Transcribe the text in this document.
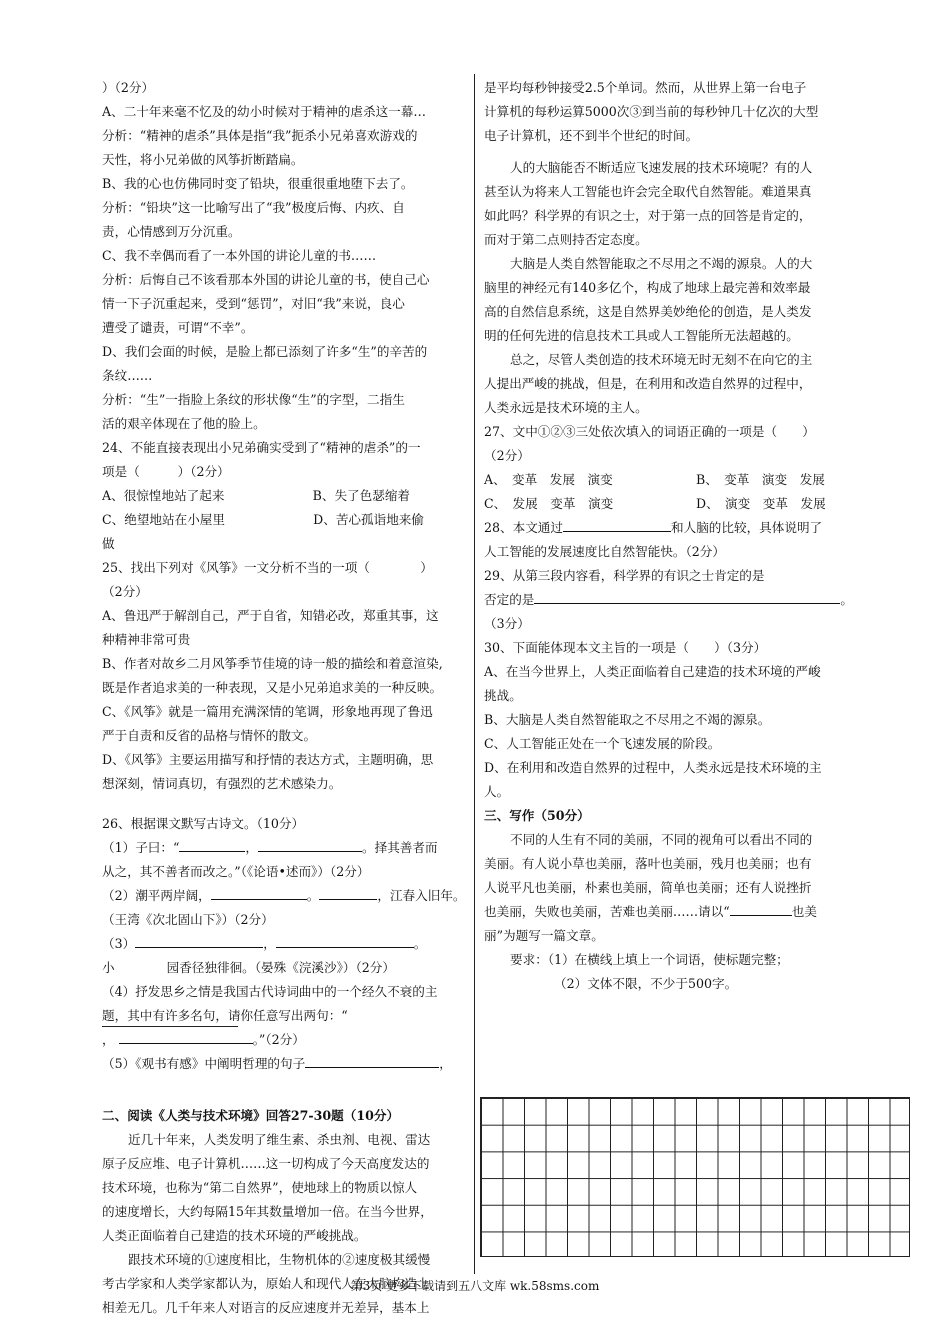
）（2分）
A、二十年来毫不忆及的幼小时候对于精神的虐杀这一幕…
分析：“精神的虐杀”具体是指“我”扼杀小兄弟喜欢游戏的
天性，将小兄弟做的风筝折断踏扁。
B、我的心也仿佛同时变了铅块，很重很重地堕下去了。
分析：“铅块”这一比喻写出了“我”极度后悔、内疚、自
责，心情感到万分沉重。
C、我不幸偶而看了一本外国的讲论儿童的书……
分析：后悔自己不该看那本外国的讲论儿童的书，使自己心
情一下子沉重起来，受到“惩罚”，对旧“我”来说，良心
遭受了谴责，可谓“不幸”。
D、我们会面的时候，是脸上都已添刻了许多“生”的辛苦的
条纹……
分析：“生”一指脸上条纹的形状像“生”的字型，二指生
活的艰辛体现在了他的脸上。
24、不能直接表现出小兄弟确实受到了“精神的虐杀”的一
项是（　　　）（2分）
A、很惊惶地站了起来　　　　　　　B、失了色瑟缩着
C、绝望地站在小屋里　　　　　　　D、苦心孤诣地来偷
做
25、找出下列对《风筝》一文分析不当的一项（　　　　）
（2分）
A、鲁迅严于解剖自己，严于自省，知错必改，郑重其事，这
种精神非常可贵
B、作者对故乡二月风筝季节佳境的诗一般的描绘和着意渲染,
既是作者追求美的一种表现，又是小兄弟追求美的一种反映。
C、《风筝》就是一篇用充满深情的笔调，形象地再现了鲁迅
严于自责和反省的品格与情怀的散文。
D、《风筝》主要运用描写和抒情的表达方式，主题明确，思
想深刻，情词真切，有强烈的艺术感染力。
26、根据课文默写古诗文。（10分）
（1）子曰：“	，	。择其善者而
从之，其不善者而改之。”（《论语•述而》）（2分）
（2）潮平两岸阔，	。	，江春入旧年。
（王湾《次北固山下》）（2分）
（3）	，	。
小	园香径独徘徊。（晏殊《浣溪沙》）（2分）
（4）抒发思乡之情是我国古代诗词曲中的一个经久不衰的主
题，其中有许多名句，请你任意写出两句：“
，	。”（2分）
（5）《观书有感》中阐明哲理的句子	，
二、阅读《人类与技术环境》回答27-30题（10分）
近几十年来，人类发明了维生素、杀虫剂、电视、雷达
原子反应堆、电子计算机……这一切构成了今天高度发达的
技术环境，也称为“第二自然界”，使地球上的物质以惊人
的速度增长，大约每隔15年其数量增加一倍。在当今世界，
人类正面临着自己建造的技术环境的严峻挑战。
跟技术环境的①速度相比，生物机体的②速度极其缓慢
考古学家和人类学家都认为，原始人和现代人在大脑构造上
相差无几。几千年来人对语言的反应速度并无差异，基本上
是平均每秒钟接受2.5个单词。然而，从世界上第一台电子
计算机的每秒运算5000次③到当前的每秒钟几十亿次的大型
电子计算机，还不到半个世纪的时间。
人的大脑能否不断适应飞速发展的技术环境呢？有的人
甚至认为将来人工智能也许会完全取代自然智能。难道果真
如此吗？科学界的有识之士，对于第一点的回答是肯定的，
而对于第二点则持否定态度。
大脑是人类自然智能取之不尽用之不竭的源泉。人的大
脑里的神经元有140多亿个，构成了地球上最完善和效率最
高的自然信息系统，这是自然界美妙绝伦的创造，是人类发
明的任何先进的信息技术工具或人工智能所无法超越的。
总之，尽管人类创造的技术环境无时无刻不在向它的主
人提出严峻的挑战，但是，在利用和改造自然界的过程中，
人类永远是技术环境的主人。
27、文中①②③三处依次填入的词语正确的一项是（　　）
（2分）
A、　变革　发展　演变	B、　变革　演变　发展
C、　发展　变革　演变	D、　演变　变革　发展
28、本文通过	和人脑的比较，具体说明了
人工智能的发展速度比自然智能快。（2分）
29、从第三段内容看，科学界的有识之士肯定的是
否定的是	。
（3分）
30、下面能体现本文主旨的一项是（　　）（3分）
A、在当今世界上，人类正面临着自己建造的技术环境的严峻
挑战。
B、大脑是人类自然智能取之不尽用之不竭的源泉。
C、人工智能正处在一个飞速发展的阶段。
D、在利用和改造自然界的过程中，人类永远是技术环境的主
人。
三、写作（50分）
不同的人生有不同的美丽，不同的视角可以看出不同的
美丽。有人说小草也美丽，落叶也美丽，残月也美丽；也有
人说平凡也美丽，朴素也美丽，简单也美丽；还有人说挫折
也美丽，失败也美丽，苦难也美丽……请以“	也美
丽”为题写一篇文章。
要求：（1）在横线上填上一个词语，使标题完整；
（2）文体不限，不少于500字。
第3页 更多下载请到五八文库 wk.58sms.com
